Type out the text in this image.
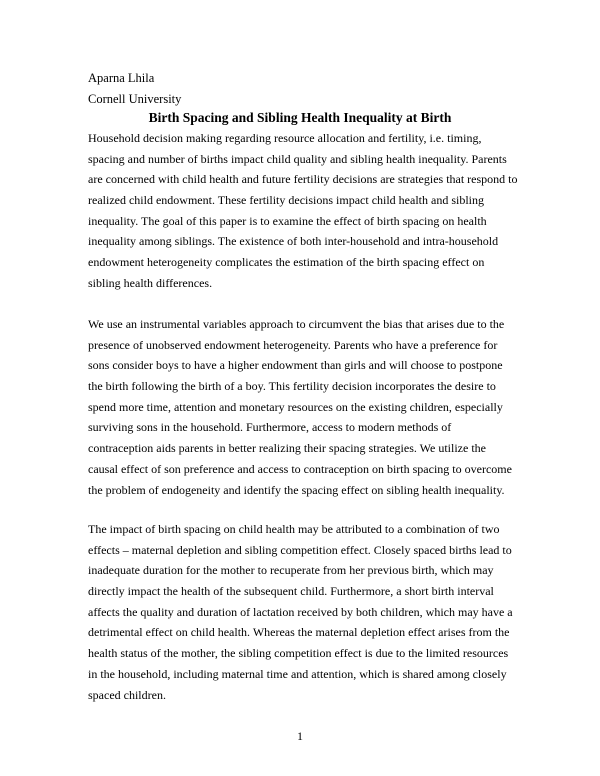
Aparna Lhila
Cornell University
Birth Spacing and Sibling Health Inequality at Birth
Household decision making regarding resource allocation and fertility, i.e. timing,
spacing and number of births impact child quality and sibling health inequality. Parents
are concerned with child health and future fertility decisions are strategies that respond to
realized child endowment. These fertility decisions impact child health and sibling
inequality. The goal of this paper is to examine the effect of birth spacing on health
inequality among siblings. The existence of both inter-household and intra-household
endowment heterogeneity complicates the estimation of the birth spacing effect on
sibling health differences.
We use an instrumental variables approach to circumvent the bias that arises due to the
presence of unobserved endowment heterogeneity. Parents who have a preference for
sons consider boys to have a higher endowment than girls and will choose to postpone
the birth following the birth of a boy. This fertility decision incorporates the desire to
spend more time, attention and monetary resources on the existing children, especially
surviving sons in the household. Furthermore, access to modern methods of
contraception aids parents in better realizing their spacing strategies. We utilize the
causal effect of son preference and access to contraception on birth spacing to overcome
the problem of endogeneity and identify the spacing effect on sibling health inequality.
The impact of birth spacing on child health may be attributed to a combination of two
effects – maternal depletion and sibling competition effect. Closely spaced births lead to
inadequate duration for the mother to recuperate from her previous birth, which may
directly impact the health of the subsequent child. Furthermore, a short birth interval
affects the quality and duration of lactation received by both children, which may have a
detrimental effect on child health. Whereas the maternal depletion effect arises from the
health status of the mother, the sibling competition effect is due to the limited resources
in the household, including maternal time and attention, which is shared among closely
spaced children.
1
